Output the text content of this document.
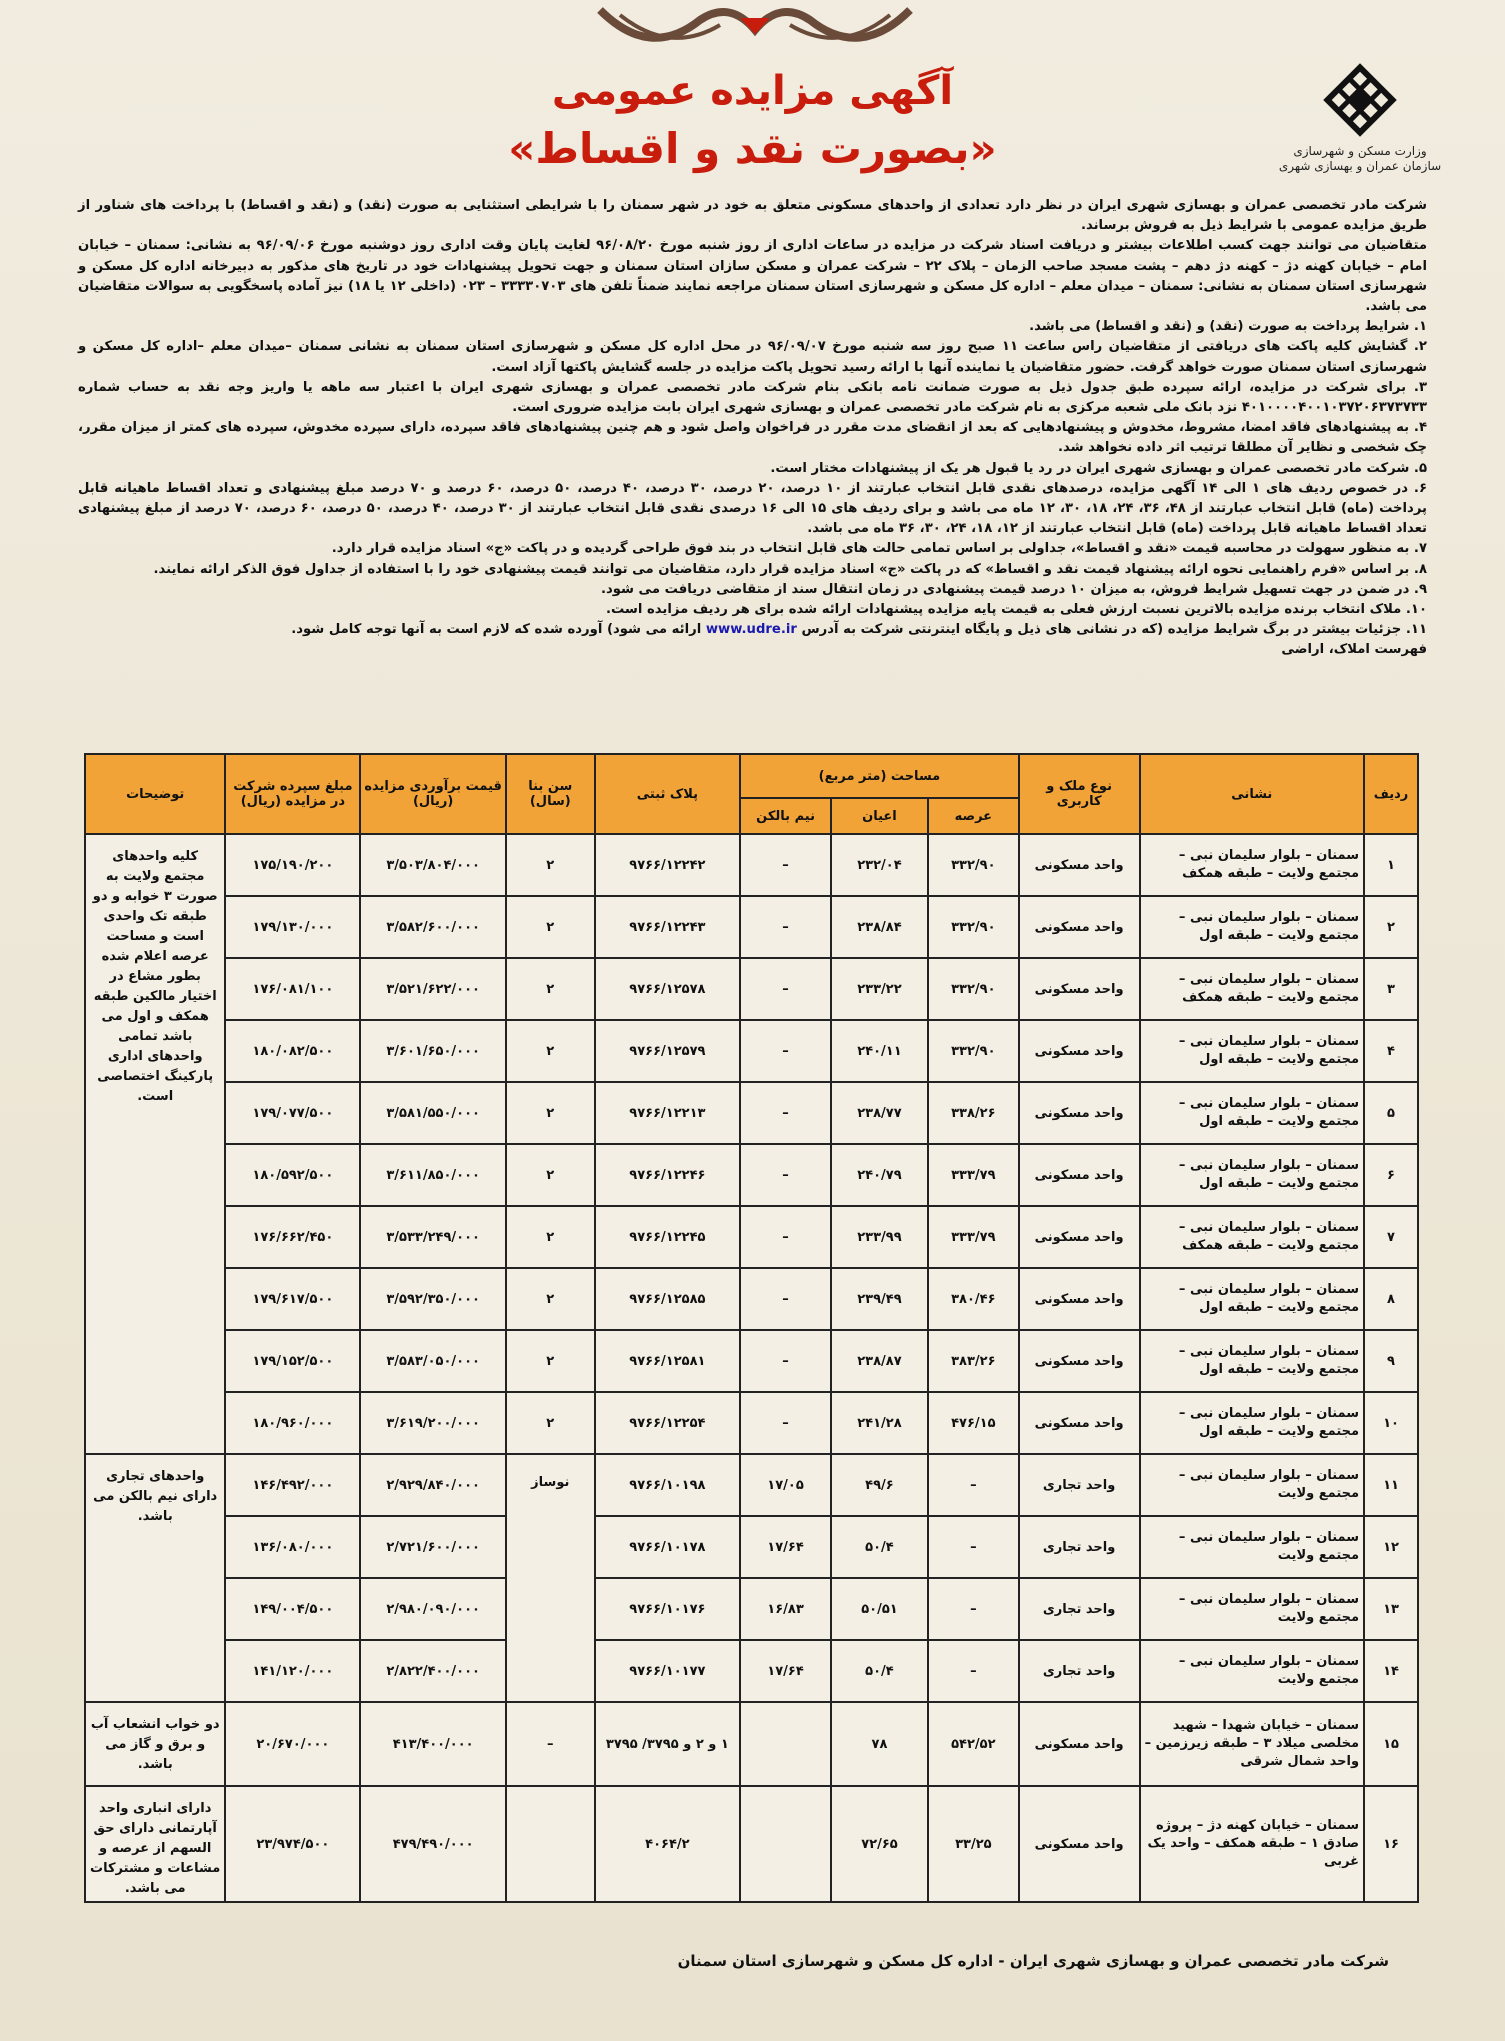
وزارت مسکن و شهرسازی
سازمان عمران و بهسازی شهری
آگهی مزایده عمومی
«بصورت نقد و اقساط»

شرکت مادر تخصصی عمران و بهسازی شهری ایران در نظر دارد تعدادی از واحدهای مسکونی متعلق به خود در شهر سمنان را با شرایطی استثنایی به صورت (نقد) و (نقد و اقساط) با پرداخت های شناور از طریق مزایده عمومی با شرایط ذیل به فروش برساند.

متقاضیان می توانند جهت کسب اطلاعات بیشتر و دریافت اسناد شرکت در مزایده در ساعات اداری از روز شنبه مورخ ۹۶/۰۸/۲۰ لغایت پایان وقت اداری روز دوشنبه مورخ ۹۶/۰۹/۰۶ به نشانی: سمنان – خیابان امام – خیابان کهنه دژ – کهنه دژ دهم – پشت مسجد صاحب الزمان – پلاک ۲۲ – شرکت عمران و مسکن سازان استان سمنان و جهت تحویل پیشنهادات خود در تاریخ های مذکور به دبیرخانه اداره کل مسکن و شهرسازی استان سمنان به نشانی: سمنان – میدان معلم – اداره کل مسکن و شهرسازی استان سمنان مراجعه نمایند ضمناً تلفن های ۳۳۳۳۰۷۰۳ – ۰۲۳ (داخلی ۱۲ یا ۱۸) نیز آماده پاسخگویی به سوالات متقاضیان می باشد.

۱. شرایط پرداخت به صورت (نقد) و (نقد و اقساط) می باشد.

۲. گشایش کلیه پاکت های دریافتی از متقاضیان راس ساعت ۱۱ صبح روز سه شنبه مورخ ۹۶/۰۹/۰۷ در محل اداره کل مسکن و شهرسازی استان سمنان به نشانی سمنان –میدان معلم –اداره کل مسکن و شهرسازی استان سمنان صورت خواهد گرفت. حضور متقاضیان یا نماینده آنها با ارائه رسید تحویل پاکت مزایده در جلسه گشایش پاکتها آزاد است.

۳. برای شرکت در مزایده، ارائه سپرده طبق جدول ذیل به صورت ضمانت نامه بانکی بنام شرکت مادر تخصصی عمران و بهسازی شهری ایران با اعتبار سه ماهه یا واریز وجه نقد به حساب شماره ۴۰۱۰۰۰۰۴۰۰۱۰۳۷۲۰۶۳۷۳۷۳۳ نزد بانک ملی شعبه مرکزی به نام شرکت مادر تخصصی عمران و بهسازی شهری ایران بابت مزایده ضروری است.

۴. به پیشنهادهای فاقد امضا، مشروط، مخدوش و پیشنهادهایی که بعد از انقضای مدت مقرر در فراخوان واصل شود و هم چنین پیشنهادهای فاقد سپرده، دارای سپرده مخدوش، سپرده های کمتر از میزان مقرر، چک شخصی و نظایر آن مطلقا ترتیب اثر داده نخواهد شد.

۵. شرکت مادر تخصصی عمران و بهسازی شهری ایران در رد یا قبول هر یک از پیشنهادات مختار است.

۶. در خصوص ردیف های ۱ الی ۱۴ آگهی مزایده، درصدهای نقدی قابل انتخاب عبارتند از ۱۰ درصد، ۲۰ درصد، ۳۰ درصد، ۴۰ درصد، ۵۰ درصد، ۶۰ درصد و ۷۰ درصد مبلغ پیشنهادی و تعداد اقساط ماهیانه قابل پرداخت (ماه) قابل انتخاب عبارتند از ۴۸، ۳۶، ۲۴، ۱۸، ۳۰، ۱۲ ماه می باشد و برای ردیف های ۱۵ الی ۱۶ درصدی نقدی قابل انتخاب عبارتند از ۳۰ درصد، ۴۰ درصد، ۵۰ درصد، ۶۰ درصد، ۷۰ درصد از مبلغ پیشنهادی تعداد اقساط ماهیانه قابل پرداخت (ماه) قابل انتخاب عبارتند از ۱۲، ۱۸، ۲۴، ۳۰، ۳۶ ماه می باشد.

۷. به منظور سهولت در محاسبه قیمت «نقد و اقساط»، جداولی بر اساس تمامی حالت های قابل انتخاب در بند فوق طراحی گردیده و در پاکت «ج» اسناد مزایده قرار دارد.

۸. بر اساس «فرم راهنمایی نحوه ارائه پیشنهاد قیمت نقد و اقساط» که در پاکت «ج» اسناد مزایده قرار دارد، متقاضیان می توانند قیمت پیشنهادی خود را با استفاده از جداول فوق الذکر ارائه نمایند.

۹. در ضمن در جهت تسهیل شرایط فروش، به میزان ۱۰ درصد قیمت پیشنهادی در زمان انتقال سند از متقاضی دریافت می شود.

۱۰. ملاک انتخاب برنده مزایده بالاترین نسبت ارزش فعلی به قیمت پایه مزایده پیشنهادات ارائه شده برای هر ردیف مزایده است.

۱۱. جزئیات بیشتر در برگ شرایط مزایده (که در نشانی های ذیل و پایگاه اینترنتی شرکت به آدرس www.udre.ir ارائه می شود) آورده شده که لازم است به آنها توجه کامل شود.

فهرست املاک، اراضی

ردیف	نشانی	نوع ملک و کاربری	مساحت (متر مربع)			پلاک ثبتی	سن بنا (سال)	قیمت برآوردی مزایده (ریال)	مبلغ سپرده شرکت در مزایده (ریال)	توضیحات
			عرصه	اعیان	نیم بالکن					
۱	سمنان – بلوار سلیمان نبی – مجتمع ولایت – طبقه همکف	واحد مسکونی	۳۳۲/۹۰	۲۳۲/۰۴	–	۹۷۶۶/۱۲۲۴۲	۲	۳/۵۰۳/۸۰۴/۰۰۰	۱۷۵/۱۹۰/۲۰۰	کلیه واحدهای مجتمع ولایت به صورت ۳ خوابه و دو طبقه تک واحدی است و مساحت عرصه اعلام شده بطور مشاع در اختیار مالکین طبقه همکف و اول می باشد تمامی واحدهای اداری پارکینگ اختصاصی است.
۲	سمنان – بلوار سلیمان نبی – مجتمع ولایت – طبقه اول	واحد مسکونی	۳۳۲/۹۰	۲۳۸/۸۴	–	۹۷۶۶/۱۲۲۴۳	۲	۳/۵۸۲/۶۰۰/۰۰۰	۱۷۹/۱۳۰/۰۰۰	
۳	سمنان – بلوار سلیمان نبی – مجتمع ولایت – طبقه همکف	واحد مسکونی	۳۳۲/۹۰	۲۳۳/۲۲	–	۹۷۶۶/۱۲۵۷۸	۲	۳/۵۲۱/۶۲۲/۰۰۰	۱۷۶/۰۸۱/۱۰۰	
۴	سمنان – بلوار سلیمان نبی – مجتمع ولایت – طبقه اول	واحد مسکونی	۳۳۲/۹۰	۲۴۰/۱۱	–	۹۷۶۶/۱۲۵۷۹	۲	۳/۶۰۱/۶۵۰/۰۰۰	۱۸۰/۰۸۲/۵۰۰	
۵	سمنان – بلوار سلیمان نبی – مجتمع ولایت – طبقه اول	واحد مسکونی	۳۳۸/۲۶	۲۳۸/۷۷	–	۹۷۶۶/۱۲۲۱۳	۲	۳/۵۸۱/۵۵۰/۰۰۰	۱۷۹/۰۷۷/۵۰۰	
۶	سمنان – بلوار سلیمان نبی – مجتمع ولایت – طبقه اول	واحد مسکونی	۳۳۳/۷۹	۲۴۰/۷۹	–	۹۷۶۶/۱۲۲۴۶	۲	۳/۶۱۱/۸۵۰/۰۰۰	۱۸۰/۵۹۲/۵۰۰	
۷	سمنان – بلوار سلیمان نبی – مجتمع ولایت – طبقه همکف	واحد مسکونی	۳۳۳/۷۹	۲۳۳/۹۹	–	۹۷۶۶/۱۲۲۴۵	۲	۳/۵۳۳/۲۴۹/۰۰۰	۱۷۶/۶۶۲/۴۵۰	
۸	سمنان – بلوار سلیمان نبی – مجتمع ولایت – طبقه اول	واحد مسکونی	۳۸۰/۴۶	۲۳۹/۴۹	–	۹۷۶۶/۱۲۵۸۵	۲	۳/۵۹۲/۳۵۰/۰۰۰	۱۷۹/۶۱۷/۵۰۰	
۹	سمنان – بلوار سلیمان نبی – مجتمع ولایت – طبقه اول	واحد مسکونی	۳۸۳/۲۶	۲۳۸/۸۷	–	۹۷۶۶/۱۲۵۸۱	۲	۳/۵۸۳/۰۵۰/۰۰۰	۱۷۹/۱۵۲/۵۰۰	
۱۰	سمنان – بلوار سلیمان نبی – مجتمع ولایت – طبقه اول	واحد مسکونی	۴۷۶/۱۵	۲۴۱/۲۸	–	۹۷۶۶/۱۲۲۵۴	۲	۳/۶۱۹/۲۰۰/۰۰۰	۱۸۰/۹۶۰/۰۰۰	
۱۱	سمنان – بلوار سلیمان نبی – مجتمع ولایت	واحد تجاری	–	۴۹/۶	۱۷/۰۵	۹۷۶۶/۱۰۱۹۸	نوساز	۲/۹۲۹/۸۴۰/۰۰۰	۱۴۶/۴۹۲/۰۰۰	واحدهای تجاری دارای نیم بالکن می باشد.
۱۲	سمنان – بلوار سلیمان نبی – مجتمع ولایت	واحد تجاری	–	۵۰/۴	۱۷/۶۴	۹۷۶۶/۱۰۱۷۸		۲/۷۲۱/۶۰۰/۰۰۰	۱۳۶/۰۸۰/۰۰۰	
۱۳	سمنان – بلوار سلیمان نبی – مجتمع ولایت	واحد تجاری	–	۵۰/۵۱	۱۶/۸۳	۹۷۶۶/۱۰۱۷۶		۲/۹۸۰/۰۹۰/۰۰۰	۱۴۹/۰۰۴/۵۰۰	
۱۴	سمنان – بلوار سلیمان نبی – مجتمع ولایت	واحد تجاری	–	۵۰/۴	۱۷/۶۴	۹۷۶۶/۱۰۱۷۷		۲/۸۲۲/۴۰۰/۰۰۰	۱۴۱/۱۲۰/۰۰۰	
۱۵	سمنان – خیابان شهدا – شهید مخلصی میلاد ۳ – طبقه زیرزمین – واحد شمال شرقی	واحد مسکونی	۵۴۲/۵۲	۷۸		۱ و ۲ و ۳۷۹۵/ ۳۷۹۵	–	۴۱۳/۴۰۰/۰۰۰	۲۰/۶۷۰/۰۰۰	دو خواب انشعاب آب و برق و گاز می باشد.
۱۶	سمنان – خیابان کهنه دژ – پروژه صادق ۱ – طبقه همکف – واحد یک غربی	واحد مسکونی	۳۳/۲۵	۷۲/۶۵		۴۰۶۴/۲		۴۷۹/۴۹۰/۰۰۰	۲۳/۹۷۴/۵۰۰	دارای انباری واحد آپارتمانی دارای حق السهم از عرصه و مشاعات و مشترکات می باشد.
شرکت مادر تخصصی عمران و بهسازی شهری ایران - اداره کل مسکن و شهرسازی استان سمنان
